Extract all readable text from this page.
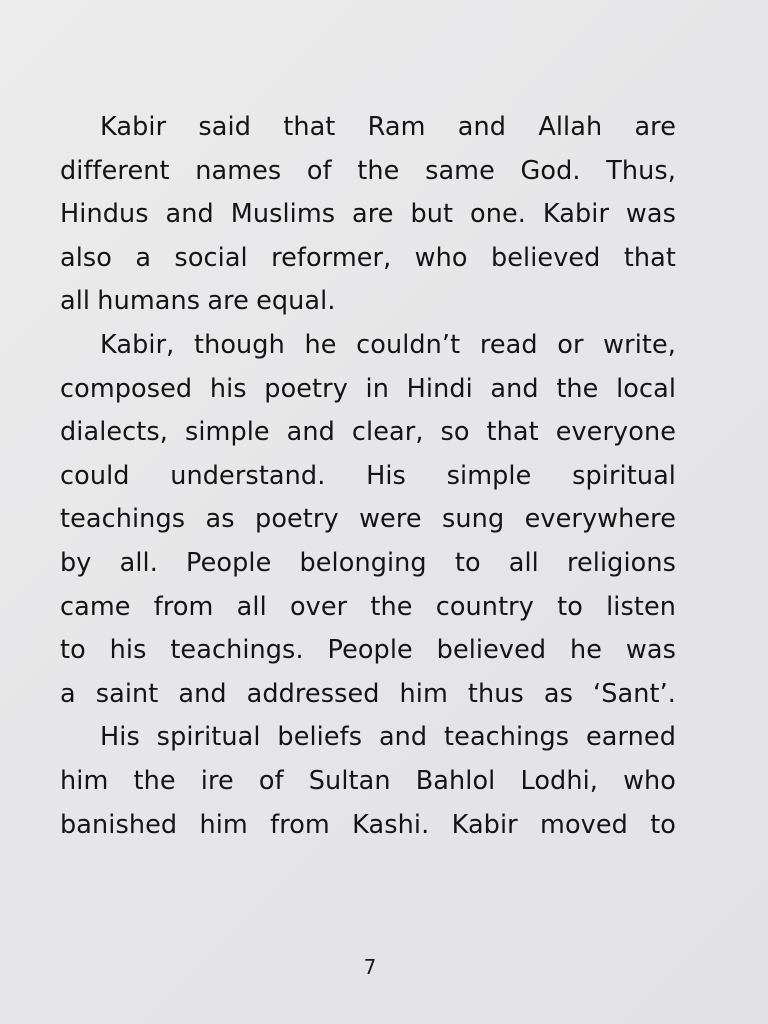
Kabir said that Ram and Allah are
different names of the same God. Thus,
Hindus and Muslims are but one. Kabir was
also a social reformer, who believed that
all humans are equal.
Kabir, though he couldn’t read or write,
composed his poetry in Hindi and the local
dialects, simple and clear, so that everyone
could understand. His simple spiritual
teachings as poetry were sung everywhere
by all. People belonging to all religions
came from all over the country to listen
to his teachings. People believed he was
a saint and addressed him thus as ‘Sant’.
His spiritual beliefs and teachings earned
him the ire of Sultan Bahlol Lodhi, who
banished him from Kashi. Kabir moved to
7
